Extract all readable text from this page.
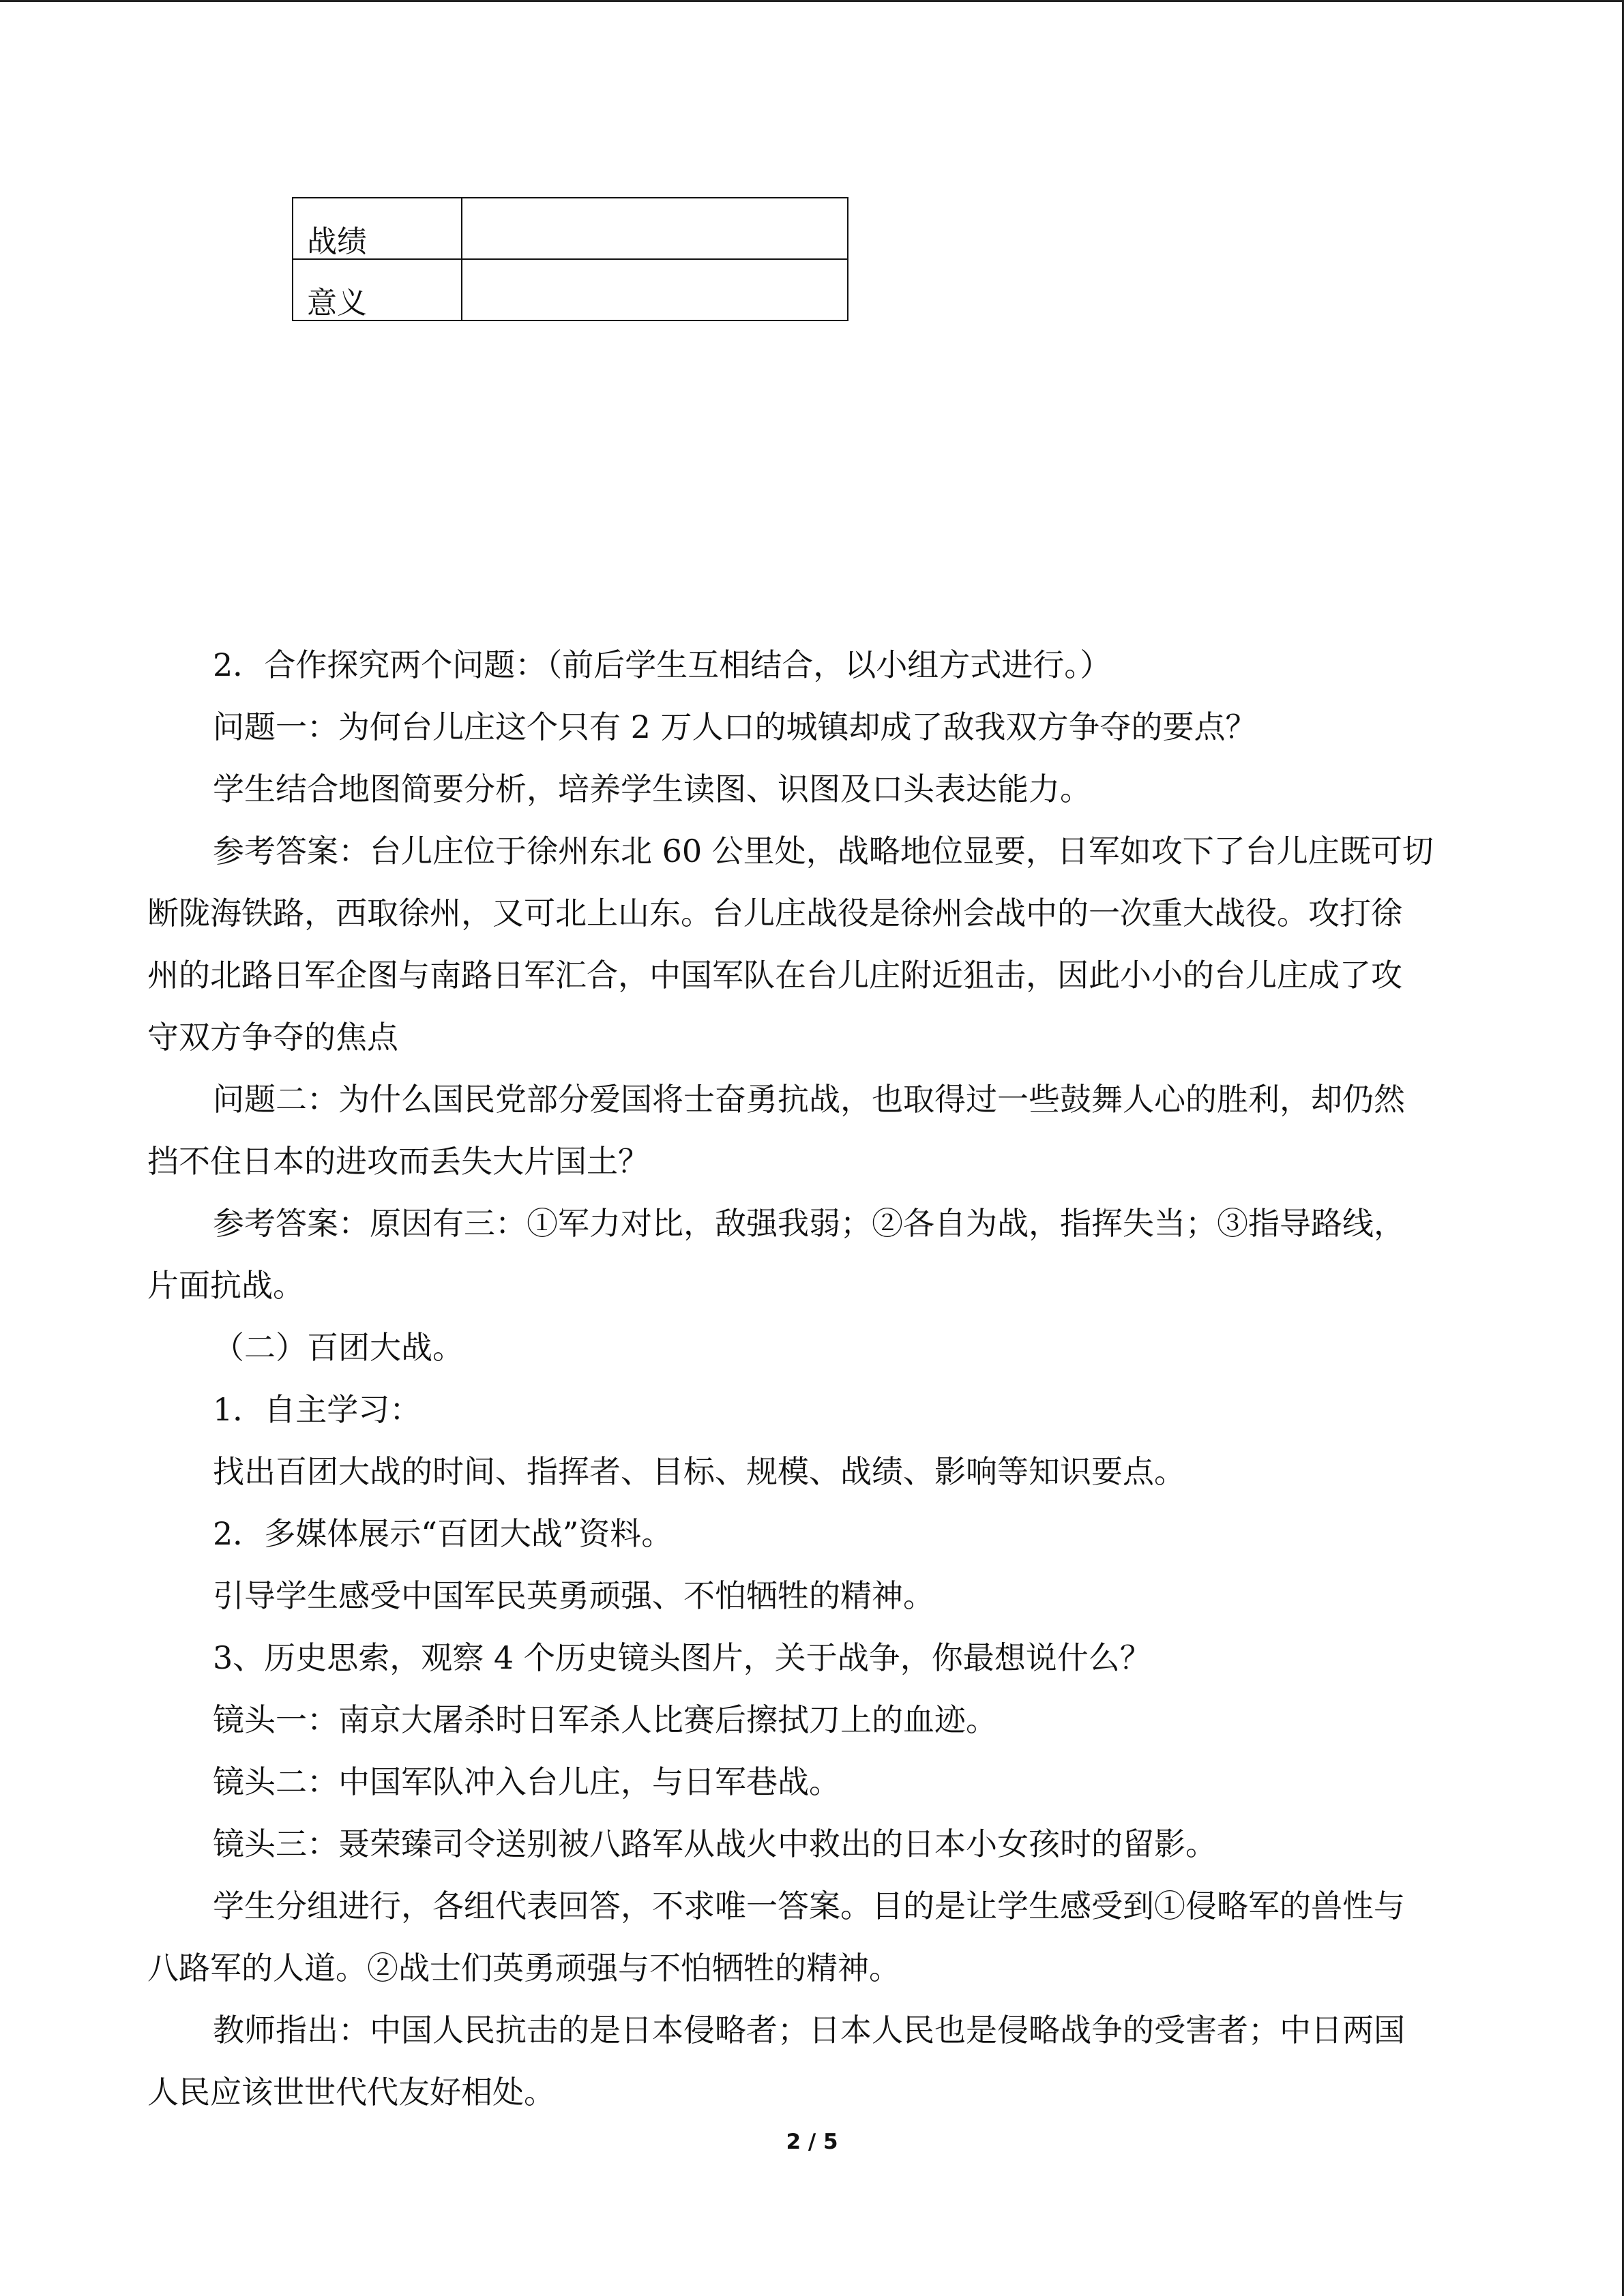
战绩	
意义	

2．合作探究两个问题：（前后学生互相结合，以小组方式进行。）

问题一：为何台儿庄这个只有 2 万人口的城镇却成了敌我双方争夺的要点？

学生结合地图简要分析，培养学生读图、识图及口头表达能力。

参考答案：台儿庄位于徐州东北 60 公里处，战略地位显要，日军如攻下了台儿庄既可切
断陇海铁路，西取徐州，又可北上山东。台儿庄战役是徐州会战中的一次重大战役。攻打徐
州的北路日军企图与南路日军汇合，中国军队在台儿庄附近狙击，因此小小的台儿庄成了攻
守双方争夺的焦点

问题二：为什么国民党部分爱国将士奋勇抗战，也取得过一些鼓舞人心的胜利，却仍然
挡不住日本的进攻而丢失大片国土？

参考答案：原因有三：①军力对比，敌强我弱；②各自为战，指挥失当；③指导路线，
片面抗战。

（二）百团大战。

1．自主学习：

找出百团大战的时间、指挥者、目标、规模、战绩、影响等知识要点。

2．多媒体展示“百团大战”资料。

引导学生感受中国军民英勇顽强、不怕牺牲的精神。

3、历史思索，观察 4 个历史镜头图片，关于战争，你最想说什么？

镜头一：南京大屠杀时日军杀人比赛后擦拭刀上的血迹。

镜头二：中国军队冲入台儿庄，与日军巷战。

镜头三：聂荣臻司令送别被八路军从战火中救出的日本小女孩时的留影。

学生分组进行，各组代表回答，不求唯一答案。目的是让学生感受到①侵略军的兽性与
八路军的人道。②战士们英勇顽强与不怕牺牲的精神。

教师指出：中国人民抗击的是日本侵略者；日本人民也是侵略战争的受害者；中日两国
人民应该世世代代友好相处。

2 / 5
